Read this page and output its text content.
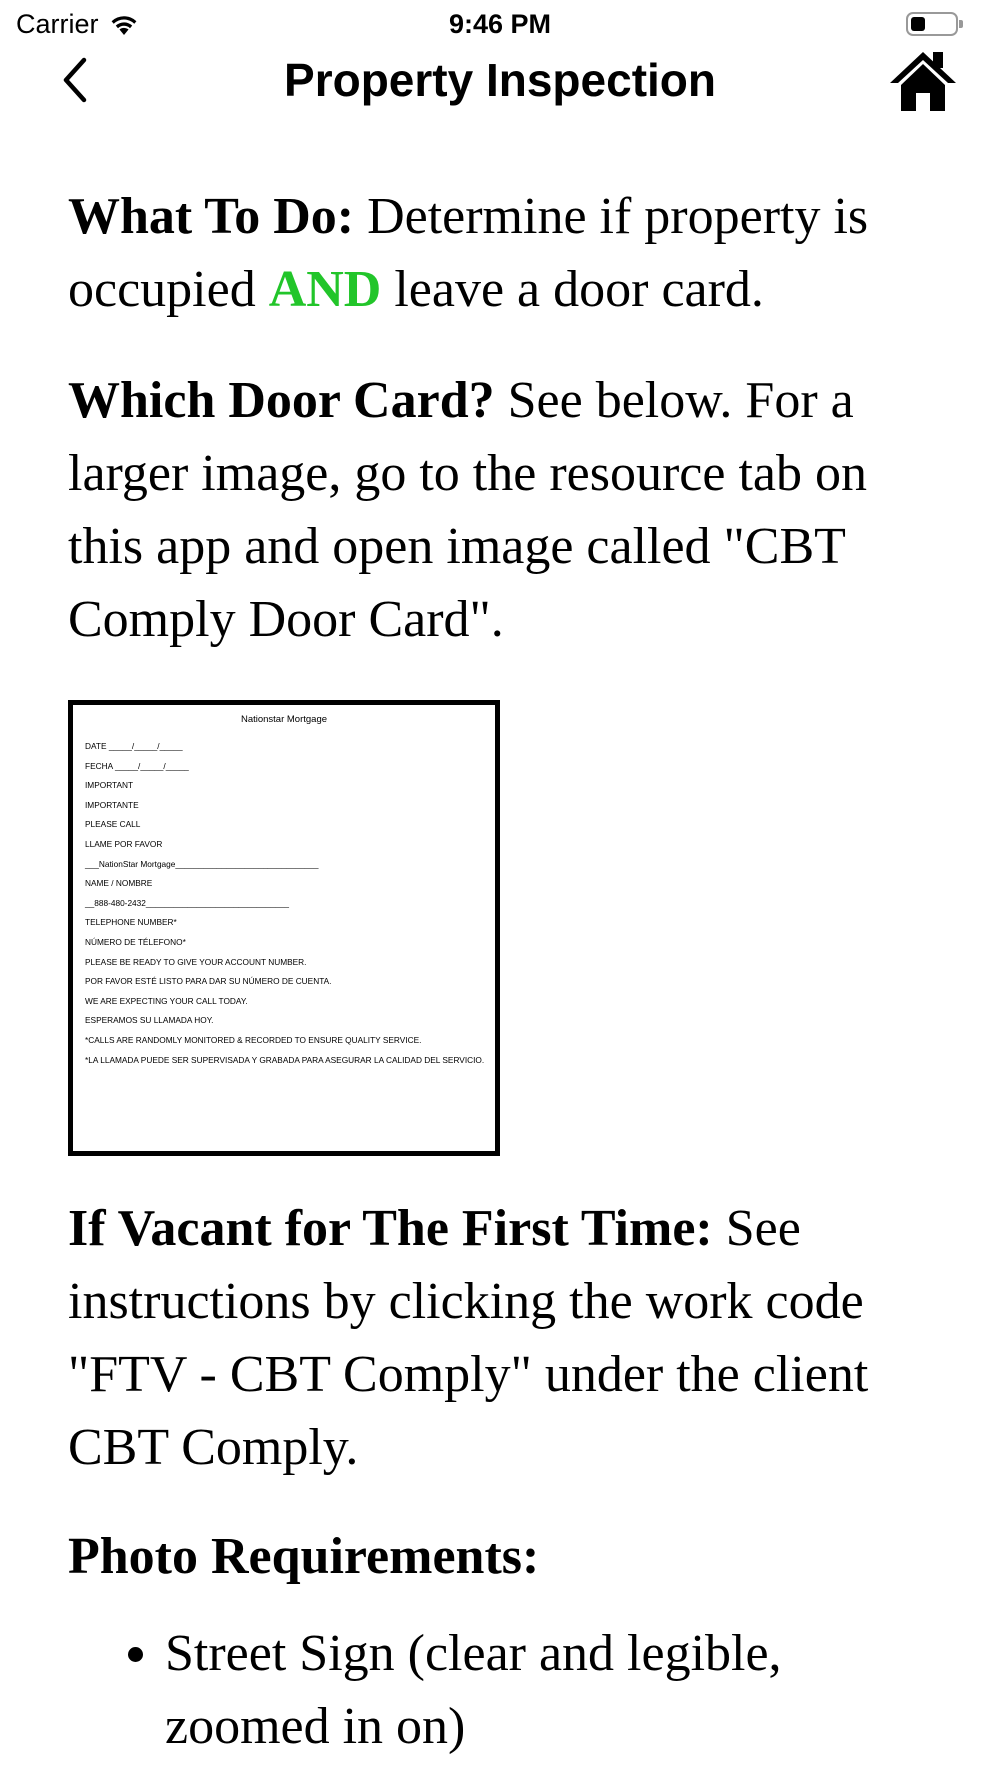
Carrier	9:46 PM
Property Inspection

What To Do: Determine if property is occupied AND leave a door card.

Which Door Card? See below. For a larger image, go to the resource tab on this app and open image called "CBT Comply Door Card".

Nationstar Mortgage
DATE _____/_____/_____
FECHA _____/_____/_____
IMPORTANT
IMPORTANTE
PLEASE CALL
LLAME POR FAVOR
___NationStar Mortgage_______________________________
NAME / NOMBRE
__888-480-2432_______________________________
TELEPHONE NUMBER*
NÚMERO DE TÉLEFONO*
PLEASE BE READY TO GIVE YOUR ACCOUNT NUMBER.
POR FAVOR ESTÉ LISTO PARA DAR SU NÚMERO DE CUENTA.
WE ARE EXPECTING YOUR CALL TODAY.
ESPERAMOS SU LLAMADA HOY.
*CALLS ARE RANDOMLY MONITORED & RECORDED TO ENSURE QUALITY SERVICE.
*LA LLAMADA PUEDE SER SUPERVISADA Y GRABADA PARA ASEGURAR LA CALIDAD DEL SERVICIO.

If Vacant for The First Time: See instructions by clicking the work code "FTV - CBT Comply" under the client CBT Comply.

Photo Requirements:

• Street Sign (clear and legible, zoomed in on)
